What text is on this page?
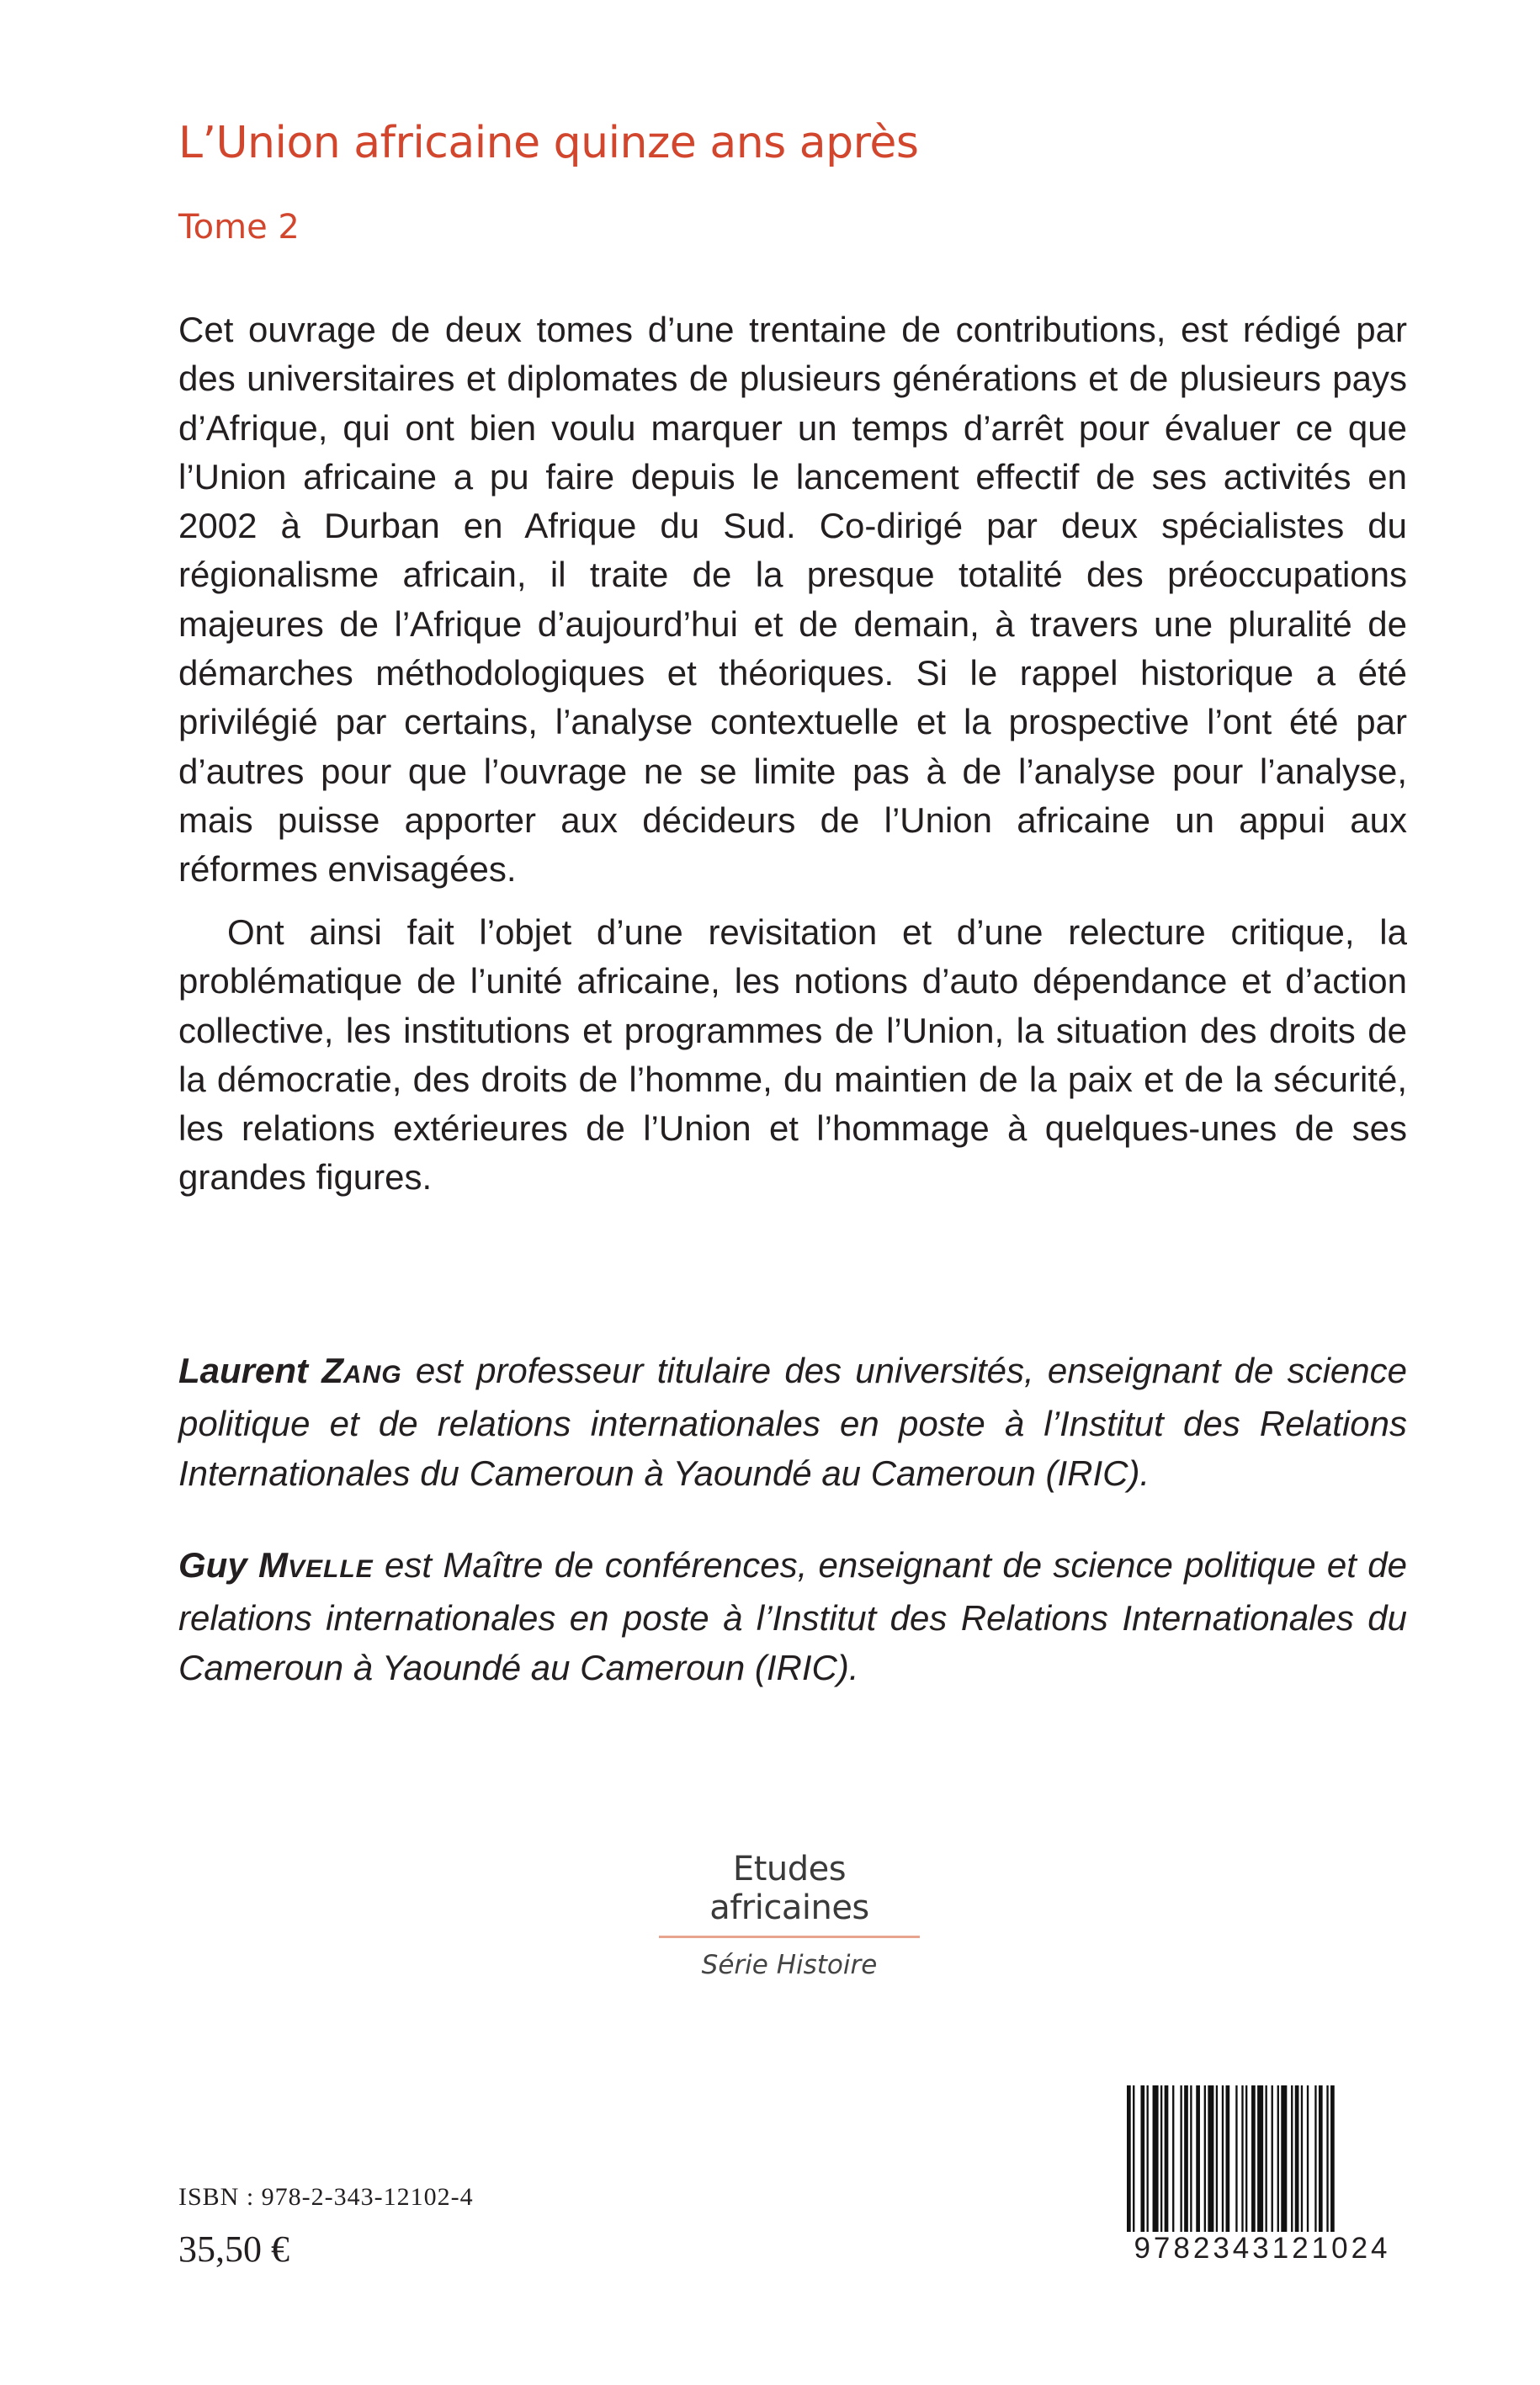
L’Union africaine quinze ans après
Tome 2

Cet ouvrage de deux tomes d’une trentaine de contributions, est rédigé par des universitaires et diplomates de plusieurs générations et de plusieurs pays d’Afrique, qui ont bien voulu marquer un temps d’arrêt pour évaluer ce que l’Union africaine a pu faire depuis le lancement effectif de ses activités en 2002 à Durban en Afrique du Sud. Co-dirigé par deux spécialistes du régionalisme africain, il traite de la presque totalité des préoccupations majeures de l’Afrique d’aujourd’hui et de demain, à travers une pluralité de démarches méthodologiques et théoriques. Si le rappel historique a été privilégié par certains, l’analyse contextuelle et la prospective l’ont été par d’autres pour que l’ouvrage ne se limite pas à de l’analyse pour l’analyse, mais puisse apporter aux décideurs de l’Union africaine un appui aux réformes envisagées.

Ont ainsi fait l’objet d’une revisitation et d’une relecture critique, la problématique de l’unité africaine, les notions d’auto dépendance et d’action collective, les institutions et programmes de l’Union, la situation des droits de la démocratie, des droits de l’homme, du maintien de la paix et de la sécurité, les relations extérieures de l’Union et l’hommage à quelques-unes de ses grandes figures.

Laurent ZANG est professeur titulaire des universités, enseignant de science politique et de relations internationales en poste à l’Institut des Relations Internationales du Cameroun à Yaoundé au Cameroun (IRIC).

Guy MVELLE est Maître de conférences, enseignant de science politique et de relations internationales en poste à l’Institut des Relations Internationales du Cameroun à Yaoundé au Cameroun (IRIC).

Etudes africaines
Série Histoire
ISBN : 978-2-343-12102-4
35,50 €	9782343121024
